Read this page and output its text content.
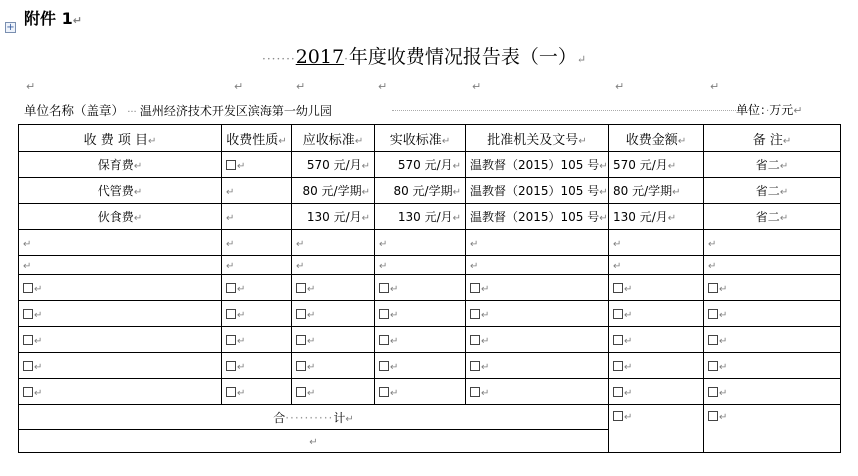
+ 附件 1↵
·······2017·年度收费情况报告表（一）↵
↵	↵	↵	↵	↵	↵	↵
单位名称（盖章） ··· 温州经济技术开发区滨海第一幼儿园	单位：·万元↵
收 费 项 目↵	收费性质↵	应收标准↵	实收标准↵	批准机关及文号↵	收费金额↵	备 注↵
保育费↵	↵	570 元/月↵	570 元/月↵	温教督（2015）105 号↵	570 元/月↵	省二↵
代管费↵	↵	80 元/学期↵	80 元/学期↵	温教督（2015）105 号↵	80 元/学期↵	省二↵
伙食费↵	↵	130 元/月↵	130 元/月↵	温教督（2015）105 号↵	130 元/月↵	省二↵
↵	↵	↵	↵	↵	↵	↵
↵	↵	↵	↵	↵	↵	↵
↵	↵	↵	↵	↵	↵	↵
↵	↵	↵	↵	↵	↵	↵
↵	↵	↵	↵	↵	↵	↵
↵	↵	↵	↵	↵	↵	↵
↵	↵	↵	↵	↵	↵	↵
合··········计↵					↵	↵
↵						
